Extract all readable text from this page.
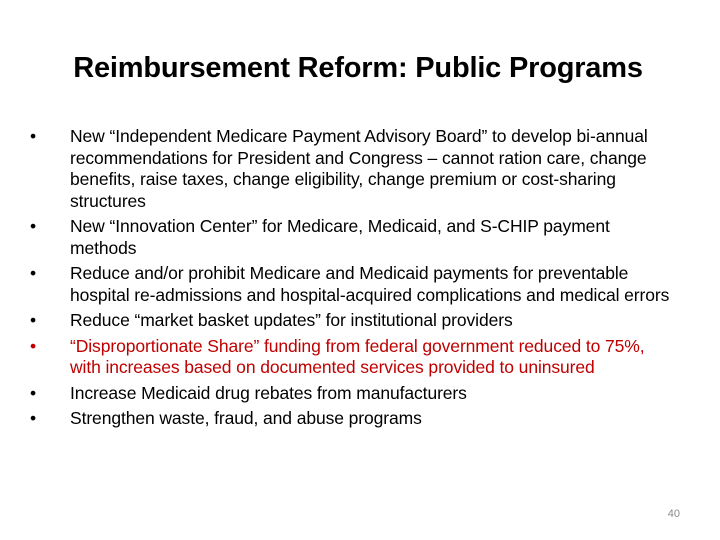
Reimbursement Reform: Public Programs
•	New “Independent Medicare Payment Advisory Board” to develop bi-annual recommendations for President and Congress – cannot ration care, change benefits, raise taxes, change eligibility, change premium or cost-sharing structures
•	New “Innovation Center” for Medicare, Medicaid, and S-CHIP payment methods
•	Reduce and/or prohibit Medicare and Medicaid payments for preventable hospital re-admissions and hospital-acquired complications and medical errors
•	Reduce “market basket updates” for institutional providers
•	“Disproportionate Share” funding from federal government reduced to 75%, with increases based on documented services provided to uninsured
•	Increase Medicaid drug rebates from manufacturers
•	Strengthen waste, fraud, and abuse programs
40
